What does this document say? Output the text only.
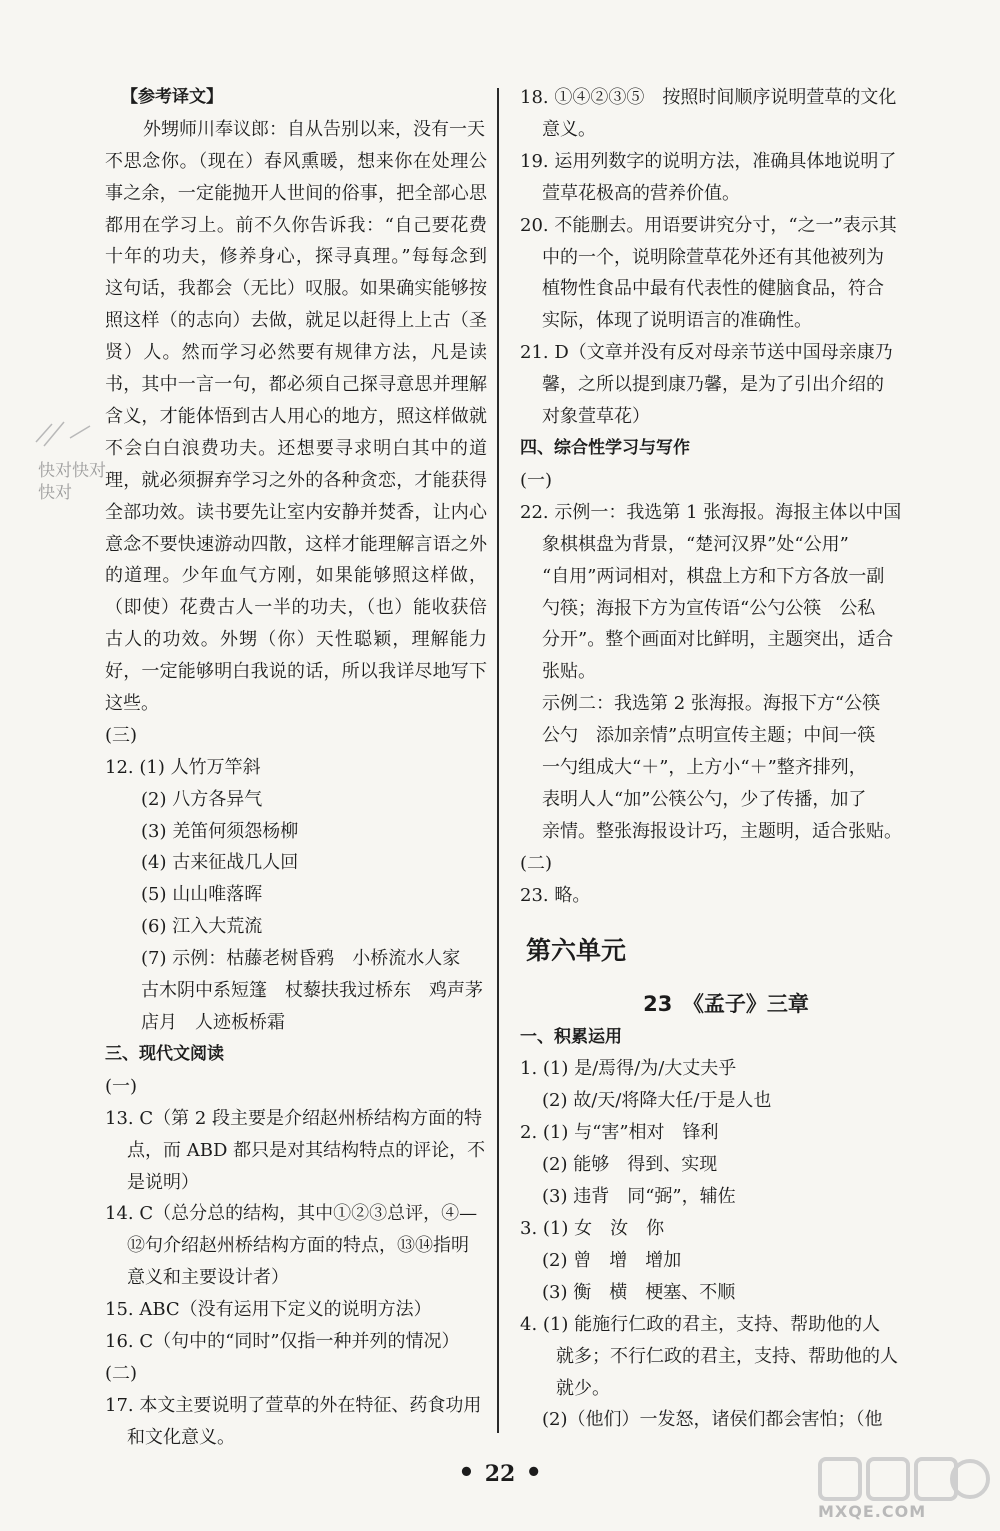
快对快对
快对
【参考译文】
外甥师川奉议郎：自从告别以来，没有一天
不思念你。（现在）春风熏暖，想来你在处理公
事之余，一定能抛开人世间的俗事，把全部心思
都用在学习上。前不久你告诉我：“自己要花费
十年的功夫，修养身心，探寻真理。”每每念到
这句话，我都会（无比）叹服。如果确实能够按
照这样（的志向）去做，就足以赶得上上古（圣
贤）人。然而学习必然要有规律方法，凡是读
书，其中一言一句，都必须自己探寻意思并理解
含义，才能体悟到古人用心的地方，照这样做就
不会白白浪费功夫。还想要寻求明白其中的道
理，就必须摒弃学习之外的各种贪恋，才能获得
全部功效。读书要先让室内安静并焚香，让内心
意念不要快速游动四散，这样才能理解言语之外
的道理。少年血气方刚，如果能够照这样做，
（即使）花费古人一半的功夫，（也）能收获倍
古人的功效。外甥（你）天性聪颖，理解能力
好，一定能够明白我说的话，所以我详尽地写下
这些。
(三)
12. (1) 人竹万竿斜
(2) 八方各异气
(3) 羌笛何须怨杨柳
(4) 古来征战几人回
(5) 山山唯落晖
(6) 江入大荒流
(7) 示例：枯藤老树昏鸦　小桥流水人家
古木阴中系短篷　杖藜扶我过桥东　鸡声茅
店月　人迹板桥霜
三、现代文阅读
(一)
13. C（第 2 段主要是介绍赵州桥结构方面的特
点，而 ABD 都只是对其结构特点的评论，不
是说明）
14. C（总分总的结构，其中①②③总评，④—
⑫句介绍赵州桥结构方面的特点，⑬⑭指明
意义和主要设计者）
15. ABC（没有运用下定义的说明方法）
16. C（句中的“同时”仅指一种并列的情况）
(二)
17. 本文主要说明了萱草的外在特征、药食功用
和文化意义。
18. ①④②③⑤　按照时间顺序说明萱草的文化
意义。
19. 运用列数字的说明方法，准确具体地说明了
萱草花极高的营养价值。
20. 不能删去。用语要讲究分寸，“之一”表示其
中的一个，说明除萱草花外还有其他被列为
植物性食品中最有代表性的健脑食品，符合
实际，体现了说明语言的准确性。
21. D（文章并没有反对母亲节送中国母亲康乃
馨，之所以提到康乃馨，是为了引出介绍的
对象萱草花）
四、综合性学习与写作
(一)
22. 示例一：我选第 1 张海报。海报主体以中国
象棋棋盘为背景，“楚河汉界”处“公用”
“自用”两词相对，棋盘上方和下方各放一副
勺筷；海报下方为宣传语“公勺公筷　公私
分开”。整个画面对比鲜明，主题突出，适合
张贴。
示例二：我选第 2 张海报。海报下方“公筷
公勺　添加亲情”点明宣传主题；中间一筷
一勺组成大“＋”，上方小“＋”整齐排列，
表明人人“加”公筷公勺，少了传播，加了
亲情。整张海报设计巧，主题明，适合张贴。
(二)
23. 略。
第六单元
23　《孟子》三章
一、积累运用
1. (1) 是/焉得/为/大丈夫乎
(2) 故/天/将降大任/于是人也
2. (1) 与“害”相对　锋利
(2) 能够　得到、实现
(3) 违背　同“弼”，辅佐
3. (1) 女　汝　你
(2) 曾　增　增加
(3) 衡　横　梗塞、不顺
4. (1) 能施行仁政的君主，支持、帮助他的人
就多；不行仁政的君主，支持、帮助他的人
就少。
(2)（他们）一发怒，诸侯们都会害怕；（他
• 22 •
MXQE.COM
